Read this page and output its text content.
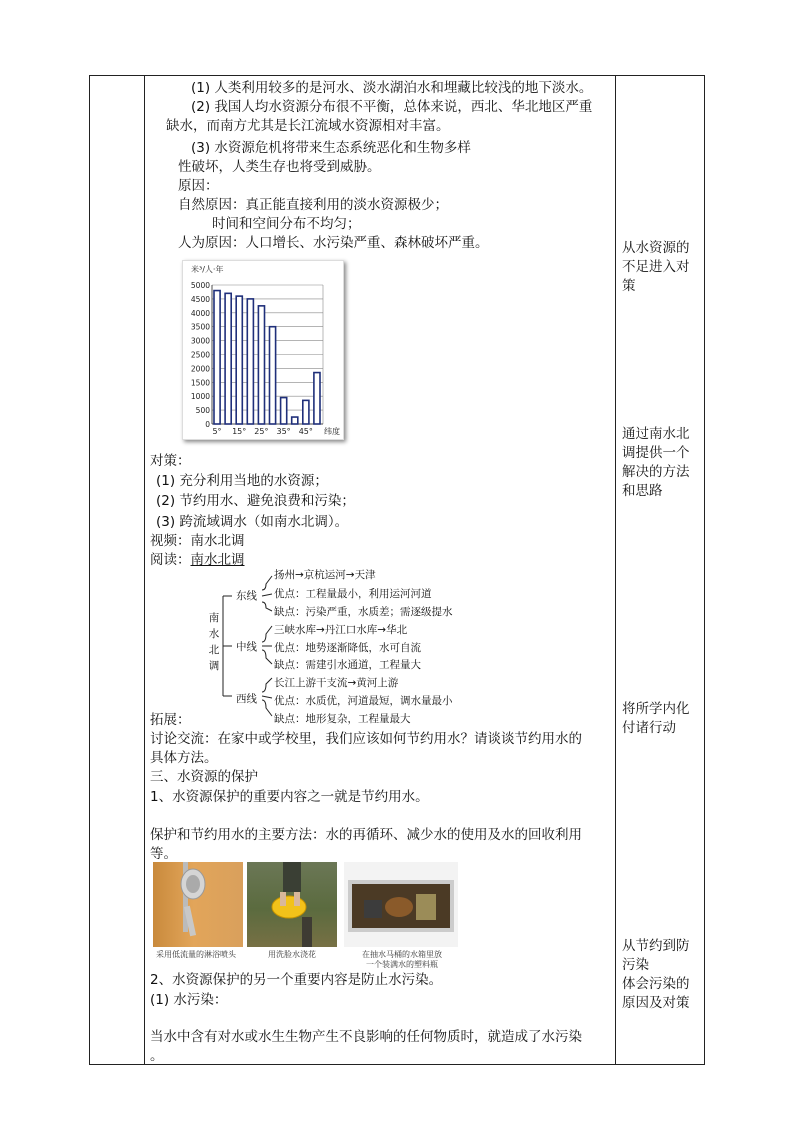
(1) 人类利用较多的是河水、淡水湖泊水和埋藏比较浅的地下淡水。
(2) 我国人均水资源分布很不平衡，总体来说，西北、华北地区严重
缺水，而南方尤其是长江流域水资源相对丰富。
(3) 水资源危机将带来生态系统恶化和生物多样
性破坏，人类生存也将受到威胁。
原因：
自然原因：真正能直接利用的淡水资源极少；
时间和空间分布不均匀；
人为原因：人口增长、水污染严重、森林破坏严重。
米³/人·年
0
500
1000
1500
2000
2500
3000
3500
4000
4500
5000
5° 15° 25° 35° 45° 纬度
对策：
(1) 充分利用当地的水资源；
(2) 节约用水、避免浪费和污染；
(3) 跨流域调水（如南水北调）。
视频：南水北调
阅读：南水北调
南
水
北
调
东线
扬州→京杭运河→天津
优点：工程量最小，利用运河河道
缺点：污染严重，水质差；需逐级提水
中线
三峡水库→丹江口水库→华北
优点：地势逐渐降低，水可自流
缺点：需建引水通道，工程量大
西线
长江上游干支流→黄河上游
优点：水质优，河道最短，调水量最小
缺点：地形复杂，工程量最大
拓展：
讨论交流：在家中或学校里，我们应该如何节约用水？请谈谈节约用水的
具体方法。
三、水资源的保护
1、水资源保护的重要内容之一就是节约用水。
保护和节约用水的主要方法：水的再循环、减少水的使用及水的回收利用
等。
采用低流量的淋浴喷头	用洗脸水浇花	在抽水马桶的水箱里放一个装满水的塑料瓶
2、水资源保护的另一个重要内容是防止水污染。
(1) 水污染：
当水中含有对水或水生生物产生不良影响的任何物质时，就造成了水污染
。
从水资源的不足进入对策
通过南水北调提供一个解决的方法和思路
将所学内化付诸行动
从节约到防污染
体会污染的原因及对策
